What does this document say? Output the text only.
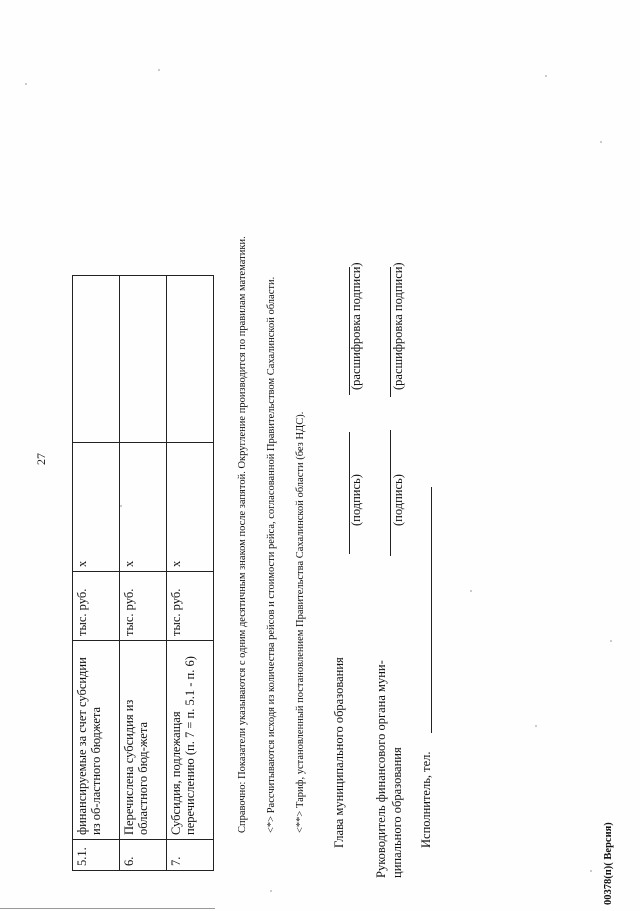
27
5.1.	финансируемые за счет субсидии из об-ластного бюджета	тыс. руб.	х	
6.	Перечислена субсидия из областного бюд-жета	тыс. руб.	х	
7.	Субсидия, подлежащая перечислению (п. 7 = п. 5.1 - п. 6)	тыс. руб.	х		Справочно: Показатели указываются с одним десятичным знаком после запятой. Округление производится по правилам математики. <*> Рассчитываются исходя из количества рейсов и стоимости рейса, согласованной Правительством Сахалинской области. <**> Тариф, установленный постановлением Правительства Сахалинской области (без НДС). Глава муниципального образования
(подпись)
(расшифровка подписи)
Руководитель финансового органа муни- ципального образования
(подпись)
(расшифровка подписи)
Исполнитель, тел.
00378(п)( Версия)
